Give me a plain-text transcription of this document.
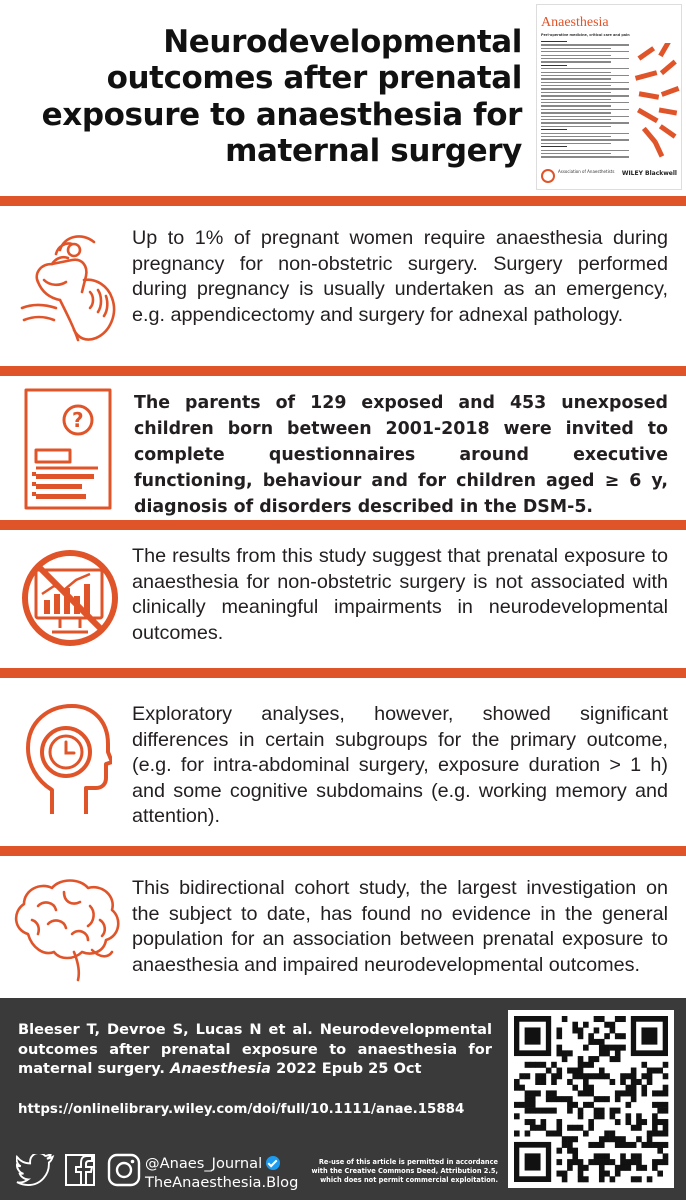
Neurodevelopmental outcomes after prenatal exposure to anaesthesia for maternal surgery

Anaesthesia
Peri-operative medicine, critical care and pain
Association of Anaesthetists WILEY Blackwell
Up to 1% of pregnant women require anaesthesia during pregnancy for non-obstetric surgery. Surgery performed during pregnancy is usually undertaken as an emergency, e.g. appendicectomy and surgery for adnexal pathology.
?
The parents of 129 exposed and 453 unexposed children born between 2001-2018 were invited to complete questionnaires around executive functioning, behaviour and for children aged ≥ 6 y, diagnosis of disorders described in the DSM-5.
The results from this study suggest that prenatal exposure to anaesthesia for non-obstetric surgery is not associated with clinically meaningful impairments in neurodevelopmental outcomes.
Exploratory analyses, however, showed significant differences in certain subgroups for the primary outcome, (e.g. for intra-abdominal surgery, exposure duration > 1 h) and some cognitive subdomains (e.g. working memory and attention).
This bidirectional cohort study, the largest investigation on the subject to date, has found no evidence in the general population for an association between prenatal exposure to anaesthesia and impaired neurodevelopmental outcomes.
Bleeser T, Devroe S, Lucas N et al. Neurodevelopmental outcomes after prenatal exposure to anaesthesia for maternal surgery. Anaesthesia 2022 Epub 25 Oct
https://onlinelibrary.wiley.com/doi/full/10.1111/anae.15884
@Anaes_Journal
TheAnaesthesia.Blog
Re-use of this article is permitted in accordance with the Creative Commons Deed, Attribution 2.5, which does not permit commercial exploitation.
